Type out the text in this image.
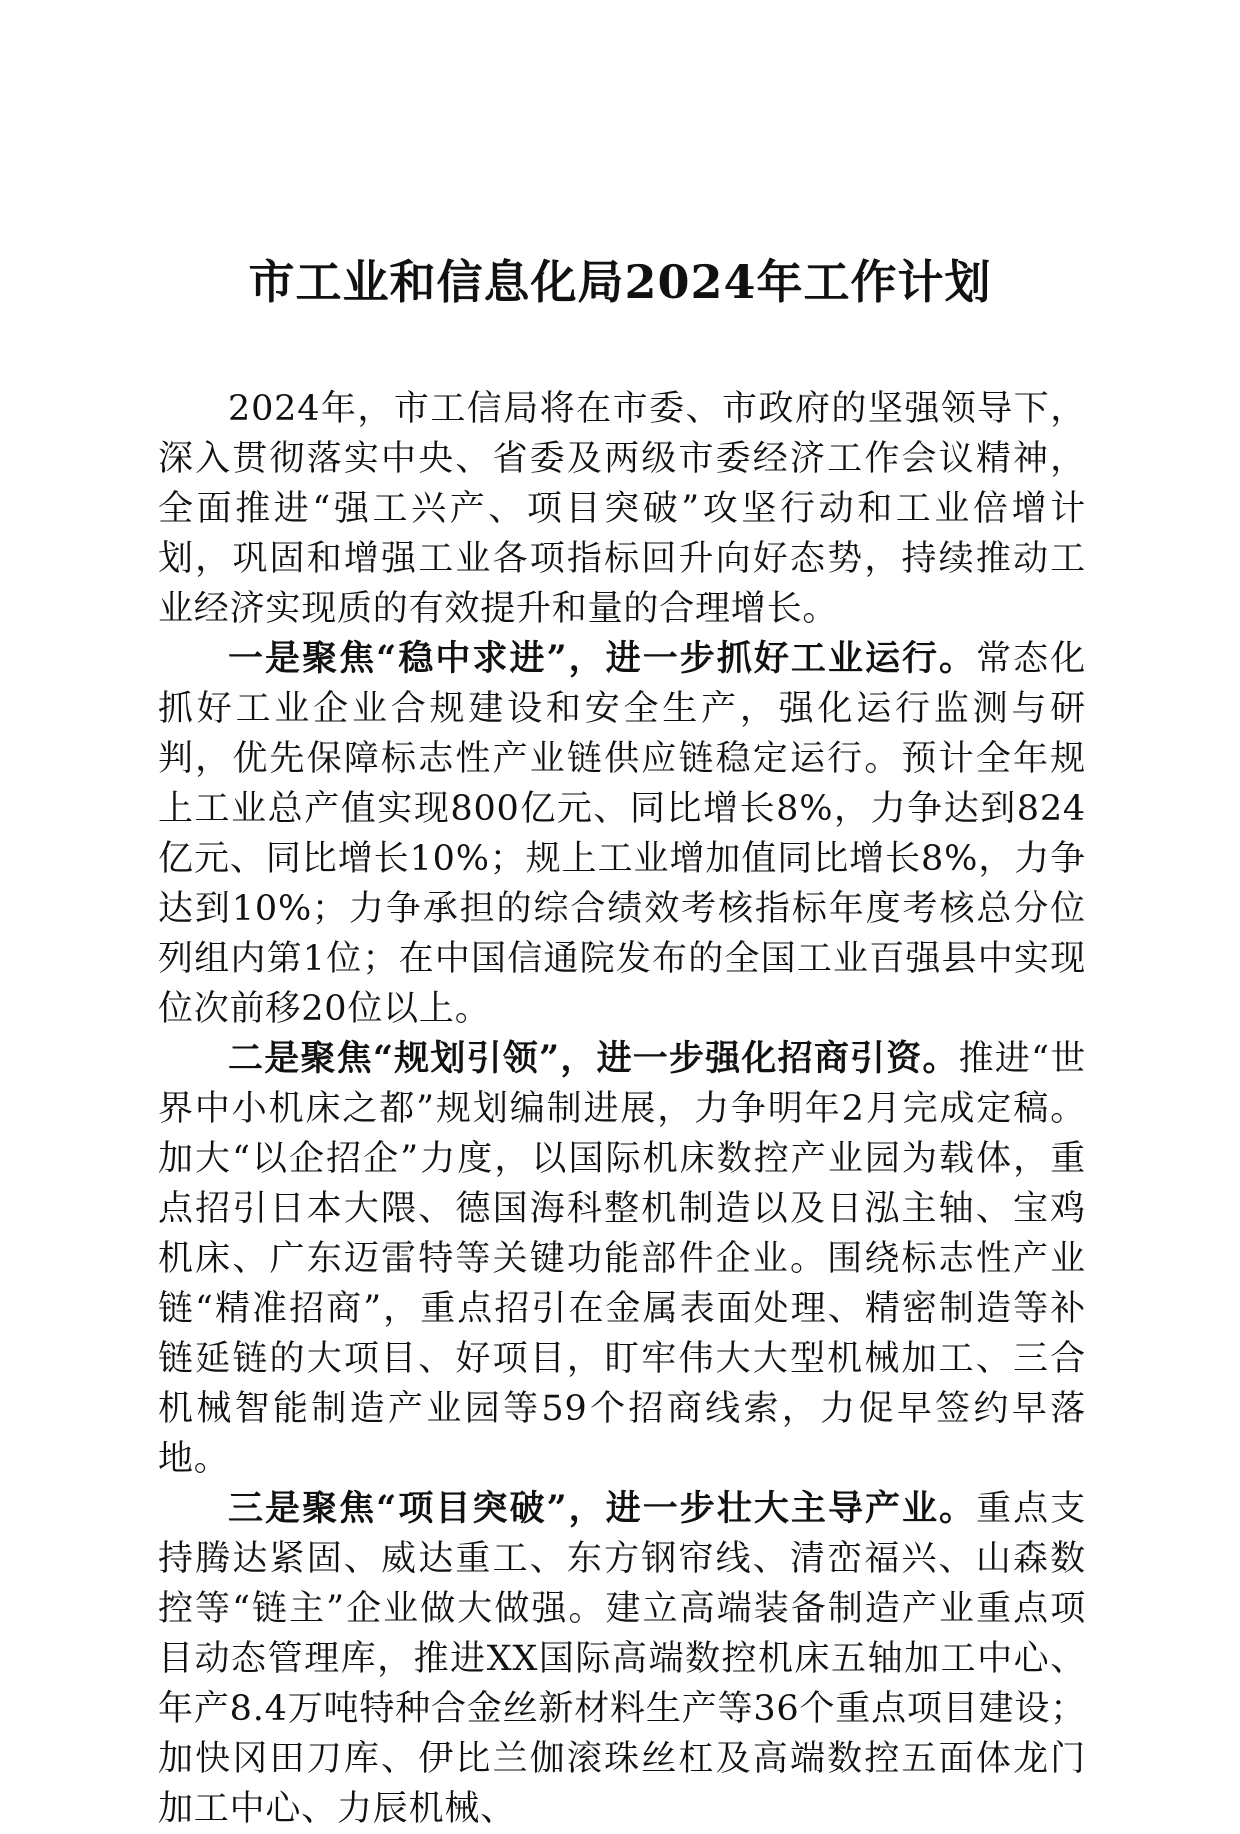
市工业和信息化局2024年工作计划

2024年，市工信局将在市委、市政府的坚强领导下，深入贯彻落实中央、省委及两级市委经济工作会议精神，全面推进“强工兴产、项目突破”攻坚行动和工业倍增计划，巩固和增强工业各项指标回升向好态势，持续推动工业经济实现质的有效提升和量的合理增长。

一是聚焦“稳中求进”，进一步抓好工业运行。常态化抓好工业企业合规建设和安全生产，强化运行监测与研判，优先保障标志性产业链供应链稳定运行。预计全年规上工业总产值实现800亿元、同比增长8%，力争达到824亿元、同比增长10%；规上工业增加值同比增长8%，力争达到10%；力争承担的综合绩效考核指标年度考核总分位列组内第1位；在中国信通院发布的全国工业百强县中实现位次前移20位以上。

二是聚焦“规划引领”，进一步强化招商引资。推进“世界中小机床之都”规划编制进展，力争明年2月完成定稿。加大“以企招企”力度，以国际机床数控产业园为载体，重点招引日本大隈、德国海科整机制造以及日泓主轴、宝鸡机床、广东迈雷特等关键功能部件企业。围绕标志性产业链“精准招商”，重点招引在金属表面处理、精密制造等补链延链的大项目、好项目，盯牢伟大大型机械加工、三合机械智能制造产业园等59个招商线索，力促早签约早落地。

三是聚焦“项目突破”，进一步壮大主导产业。重点支持腾达紧固、威达重工、东方钢帘线、清峦福兴、山森数控等“链主”企业做大做强。建立高端装备制造产业重点项目动态管理库，推进XX国际高端数控机床五轴加工中心、年产8.4万吨特种合金丝新材料生产等36个重点项目建设；加快冈田刀库、伊比兰伽滚珠丝杠及高端数控五面体龙门加工中心、力辰机械、
